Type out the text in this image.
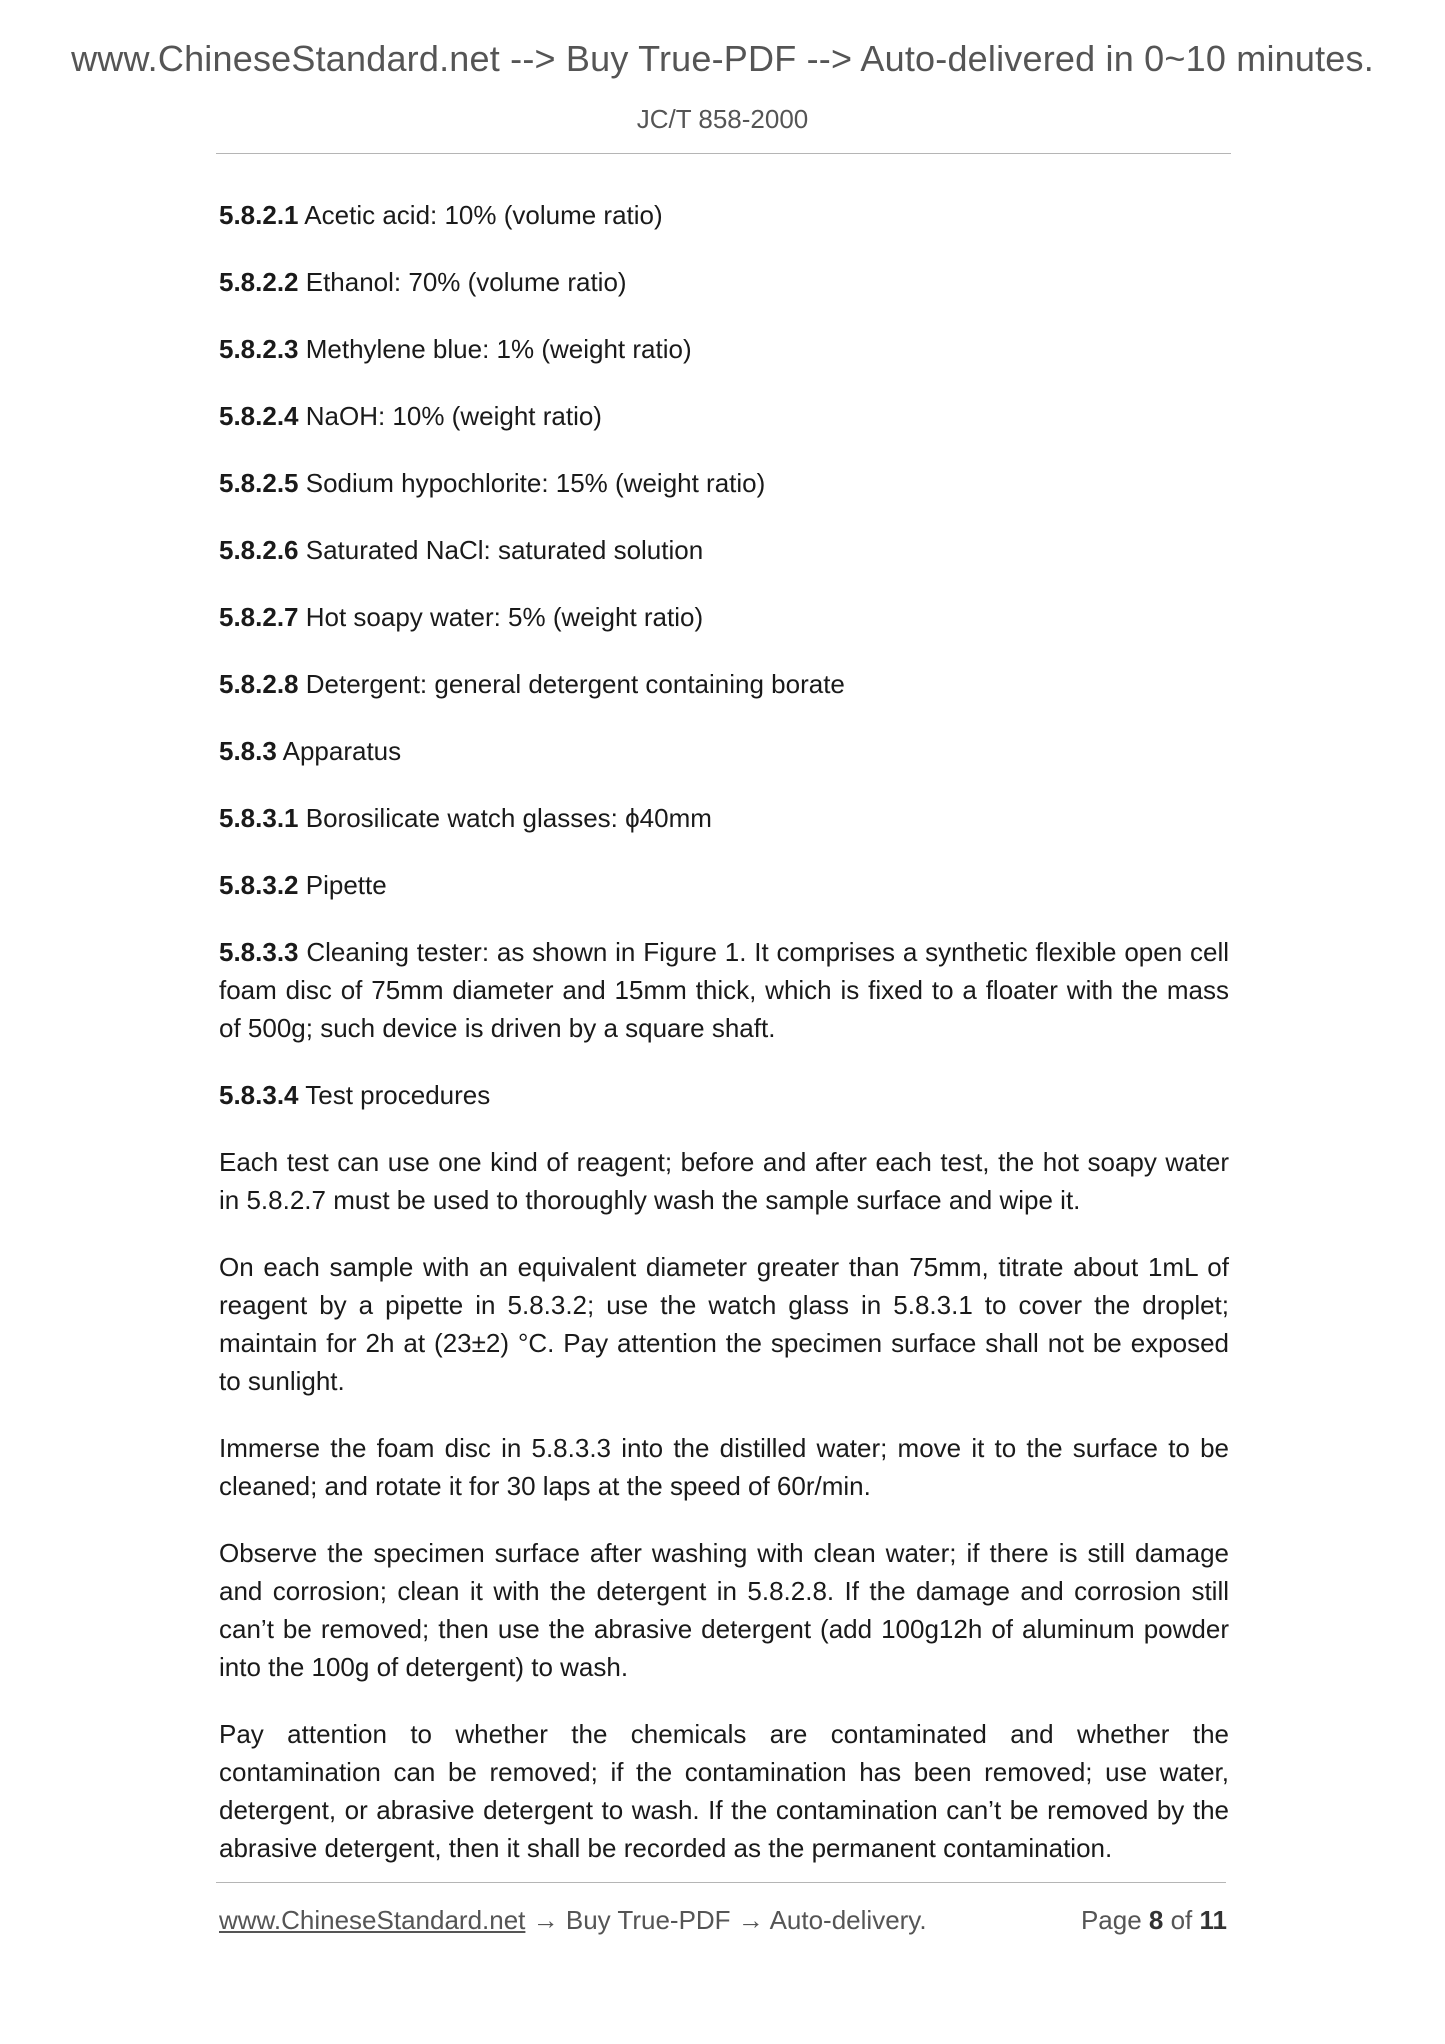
www.ChineseStandard.net --> Buy True-PDF --> Auto-delivered in 0~10 minutes.
JC/T 858-2000
5.8.2.1 Acetic acid: 10% (volume ratio)
5.8.2.2 Ethanol: 70% (volume ratio)
5.8.2.3 Methylene blue: 1% (weight ratio)
5.8.2.4 NaOH: 10% (weight ratio)
5.8.2.5 Sodium hypochlorite: 15% (weight ratio)
5.8.2.6 Saturated NaCl: saturated solution
5.8.2.7 Hot soapy water: 5% (weight ratio)
5.8.2.8 Detergent: general detergent containing borate
5.8.3 Apparatus
5.8.3.1 Borosilicate watch glasses: ϕ40mm
5.8.3.2 Pipette
5.8.3.3 Cleaning tester: as shown in Figure 1. It comprises a synthetic flexible open cell foam disc of 75mm diameter and 15mm thick, which is fixed to a floater with the mass of 500g; such device is driven by a square shaft.
5.8.3.4 Test procedures
Each test can use one kind of reagent; before and after each test, the hot soapy water in 5.8.2.7 must be used to thoroughly wash the sample surface and wipe it.
On each sample with an equivalent diameter greater than 75mm, titrate about 1mL of reagent by a pipette in 5.8.3.2; use the watch glass in 5.8.3.1 to cover the droplet; maintain for 2h at (23±2) °C. Pay attention the specimen surface shall not be exposed to sunlight.
Immerse the foam disc in 5.8.3.3 into the distilled water; move it to the surface to be cleaned; and rotate it for 30 laps at the speed of 60r/min.
Observe the specimen surface after washing with clean water; if there is still damage and corrosion; clean it with the detergent in 5.8.2.8. If the damage and corrosion still can’t be removed; then use the abrasive detergent (add 100g12h of aluminum powder into the 100g of detergent) to wash.
Pay attention to whether the chemicals are contaminated and whether the contamination can be removed; if the contamination has been removed; use water, detergent, or abrasive detergent to wash. If the contamination can’t be removed by the abrasive detergent, then it shall be recorded as the permanent contamination.
www.ChineseStandard.net → Buy True-PDF → Auto-delivery.	Page 8 of 11
